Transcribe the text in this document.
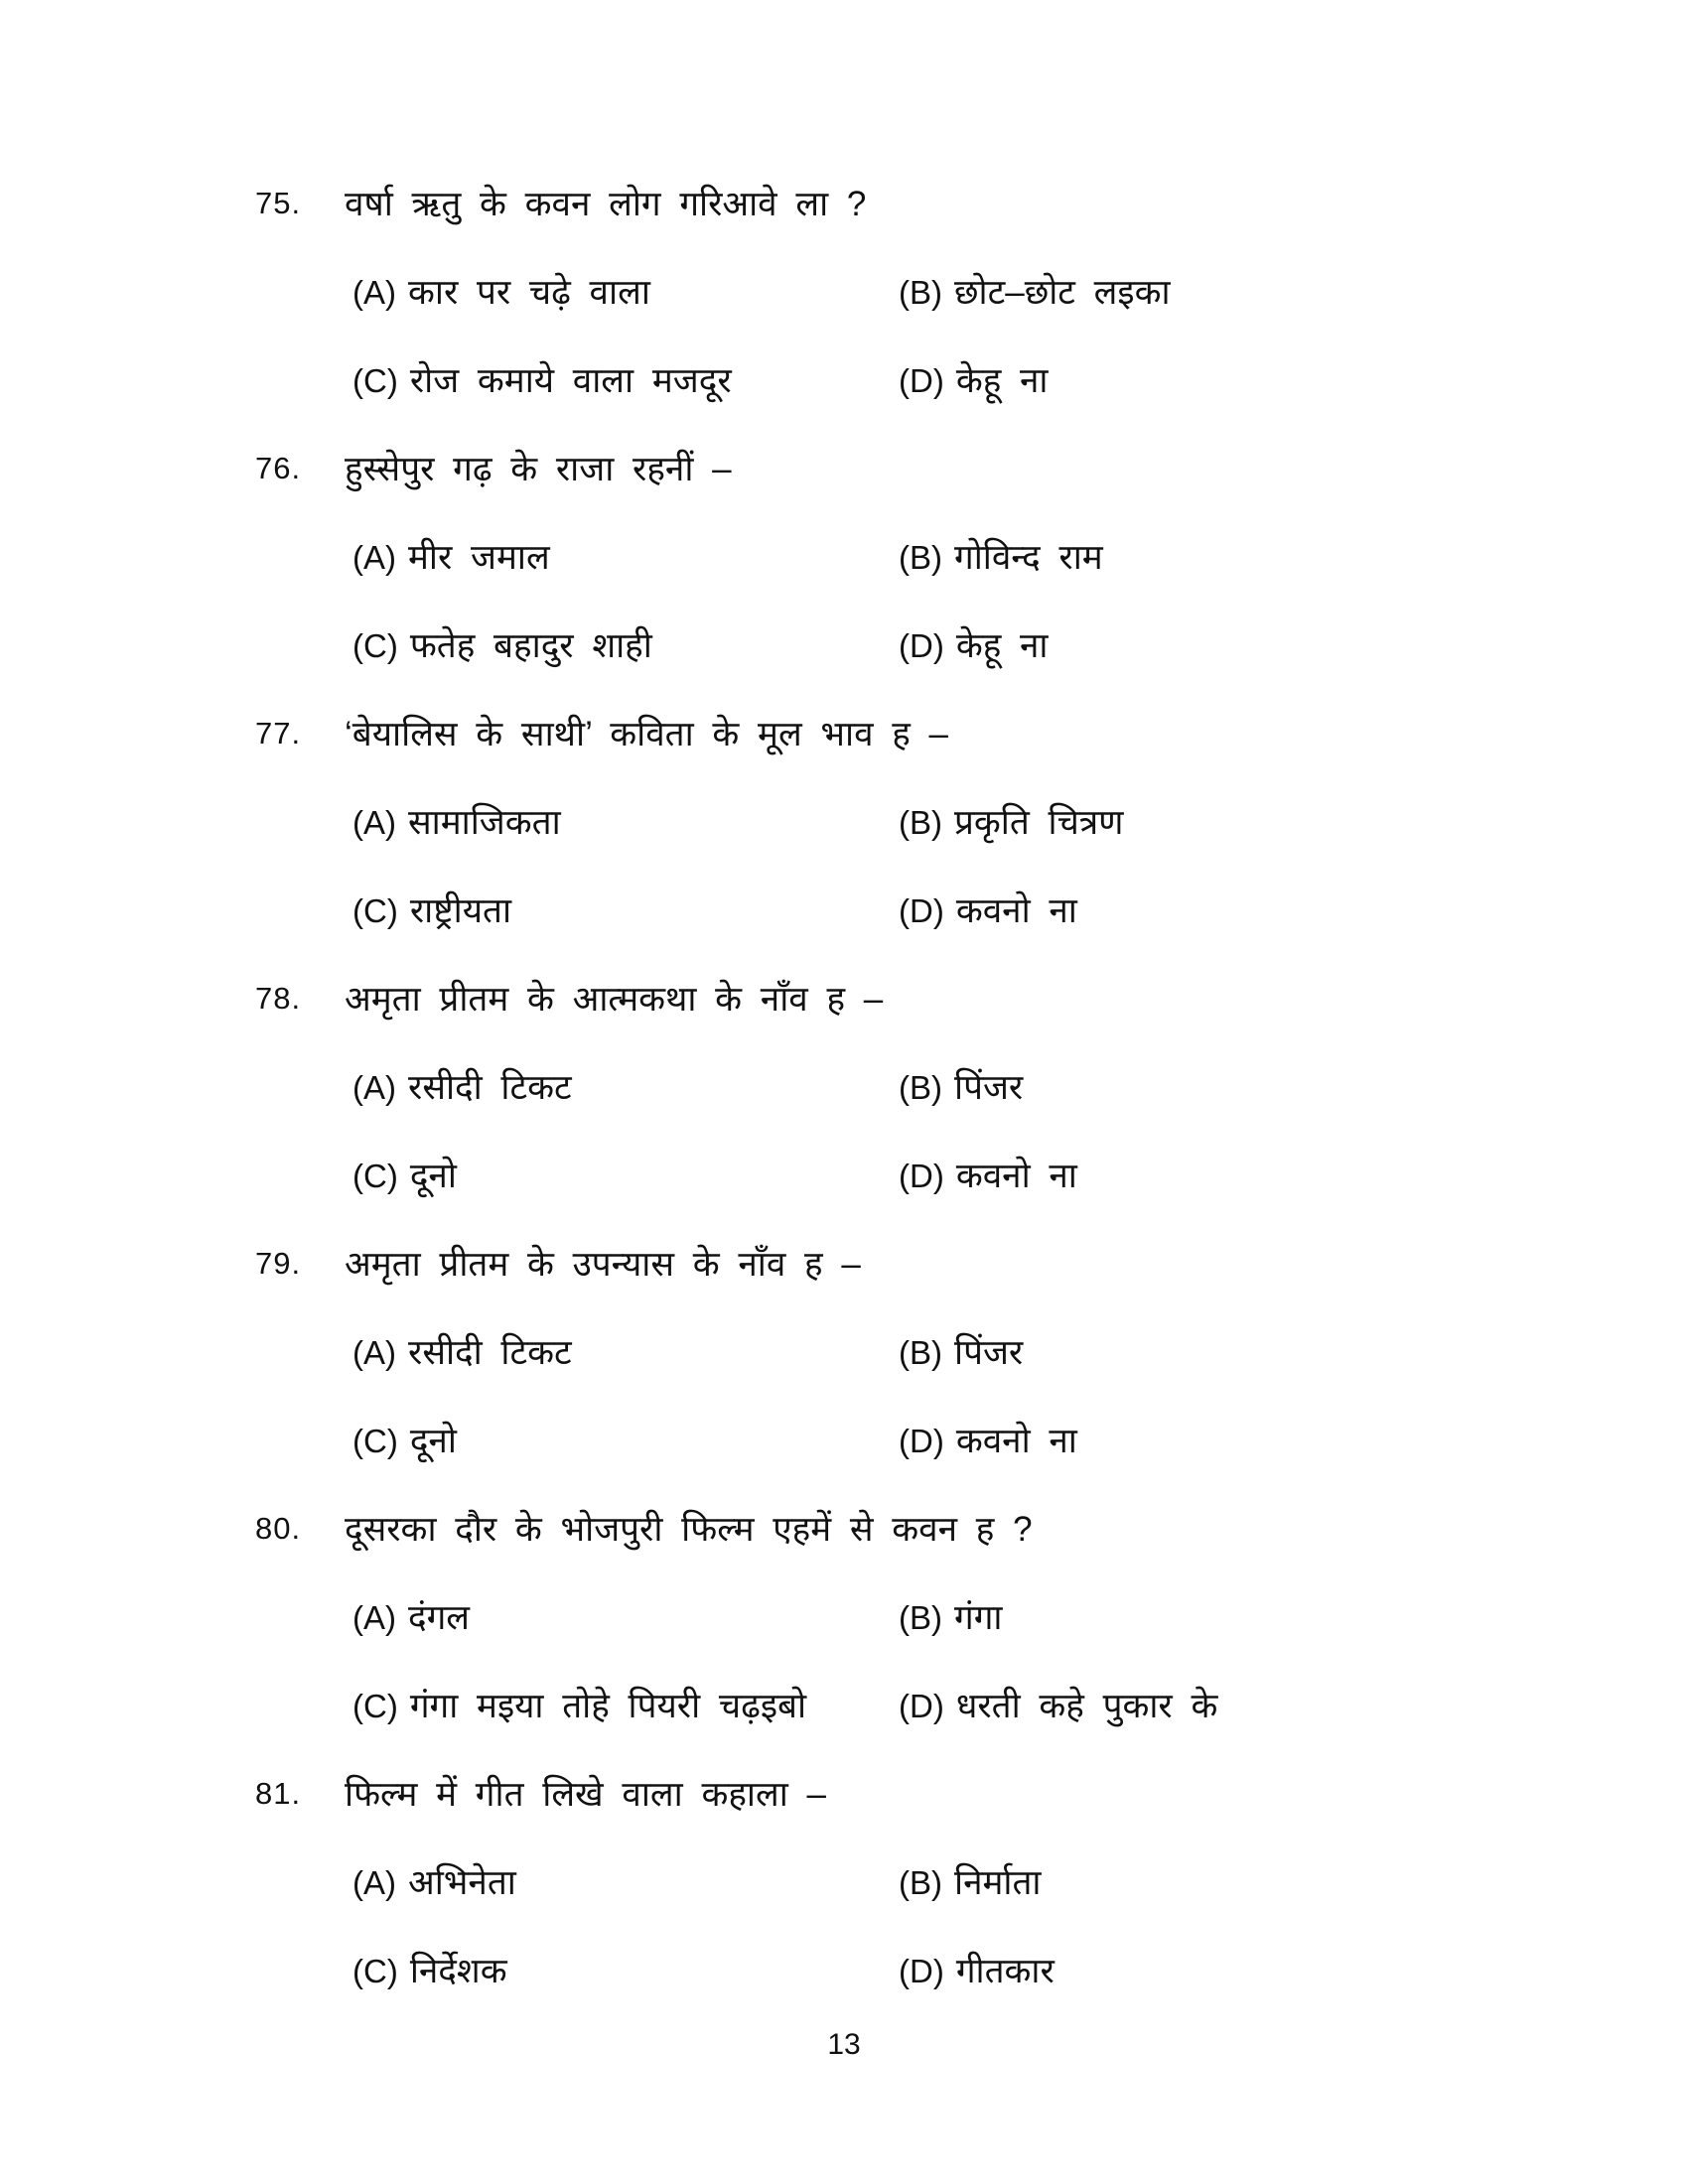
75.	वर्षा ऋतु के कवन लोग गरिआवे ला ?
(A) कार पर चढ़े वाला	(B) छोट–छोट लइका
(C) रोज कमाये वाला मजदूर	(D) केहू ना
76.	हुस्सेपुर गढ़ के राजा रहनीं –
(A) मीर जमाल	(B) गोविन्द राम
(C) फतेह बहादुर शाही	(D) केहू ना
77.	‘बेयालिस के साथी’ कविता के मूल भाव ह –
(A) सामाजिकता	(B) प्रकृति चित्रण
(C) राष्ट्रीयता	(D) कवनो ना
78.	अमृता प्रीतम के आत्मकथा के नाँव ह –
(A) रसीदी टिकट	(B) पिंजर
(C) दूनो	(D) कवनो ना
79.	अमृता प्रीतम के उपन्यास के नाँव ह –
(A) रसीदी टिकट	(B) पिंजर
(C) दूनो	(D) कवनो ना
80.	दूसरका दौर के भोजपुरी फिल्म एहमें से कवन ह ?
(A) दंगल	(B) गंगा
(C) गंगा मइया तोहे पियरी चढ़इबो	(D) धरती कहे पुकार के
81.	फिल्म में गीत लिखे वाला कहाला –
(A) अभिनेता	(B) निर्माता
(C) निर्देशक	(D) गीतकार
13
